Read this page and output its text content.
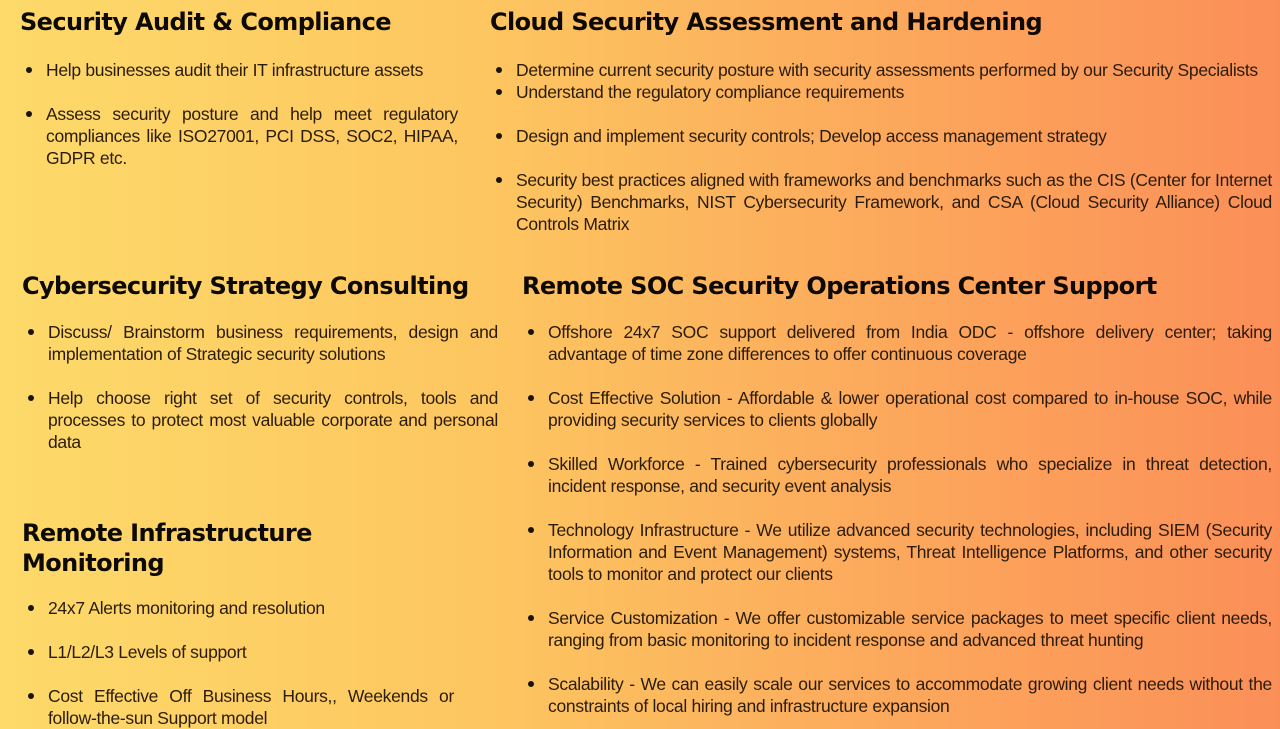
Security Audit & Compliance
Help businesses audit their IT infrastructure assets
Assess security posture and help meet regulatory compliances like ISO27001, PCI DSS, SOC2, HIPAA, GDPR etc.
Cloud Security Assessment and Hardening
Determine current security posture with security assessments performed by our Security Specialists
Understand the regulatory compliance requirements
Design and implement security controls; Develop access management strategy
Security best practices aligned with frameworks and benchmarks such as the CIS (Center for Internet Security) Benchmarks, NIST Cybersecurity Framework, and CSA (Cloud Security Alliance) Cloud Controls Matrix
Cybersecurity Strategy Consulting
Discuss/ Brainstorm business requirements, design and implementation of Strategic security solutions
Help choose right set of security controls, tools and processes to protect most valuable corporate and personal data
Remote SOC Security Operations Center Support
Offshore 24x7 SOC support delivered from India ODC - offshore delivery center; taking advantage of time zone differences to offer continuous coverage
Cost Effective Solution - Affordable & lower operational cost compared to in-house SOC, while providing security services to clients globally
Skilled Workforce - Trained cybersecurity professionals who specialize in threat detection, incident response, and security event analysis
Technology Infrastructure - We utilize advanced security technologies, including SIEM (Security Information and Event Management) systems, Threat Intelligence Platforms, and other security tools to monitor and protect our clients
Service Customization - We offer customizable service packages to meet specific client needs, ranging from basic monitoring to incident response and advanced threat hunting
Scalability - We can easily scale our services to accommodate growing client needs without the constraints of local hiring and infrastructure expansion
Remote Infrastructure Monitoring
24x7 Alerts monitoring and resolution
L1/L2/L3 Levels of support
Cost Effective Off Business Hours,, Weekends or follow-the-sun Support model
